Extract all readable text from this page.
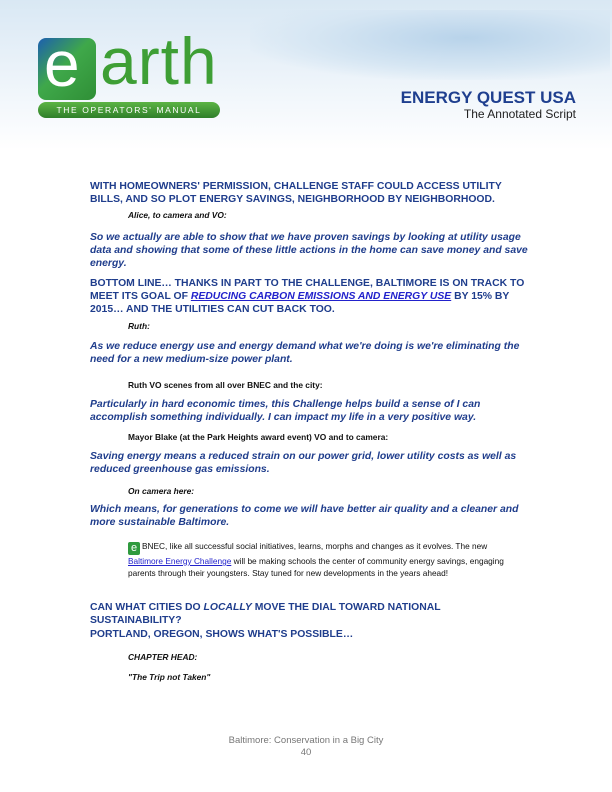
e arth
THE OPERATORS' MANUAL
ENERGY QUEST USA
The Annotated Script
WITH HOMEOWNERS' PERMISSION, CHALLENGE STAFF COULD ACCESS UTILITY BILLS, AND SO PLOT ENERGY SAVINGS, NEIGHBORHOOD BY NEIGHBORHOOD.
Alice, to camera and VO:
So we actually are able to show that we have proven savings by looking at utility usage data and showing that some of these little actions in the home can save money and save energy.
BOTTOM LINE… THANKS IN PART TO THE CHALLENGE, BALTIMORE IS ON TRACK TO MEET ITS GOAL OF REDUCING CARBON EMISSIONS AND ENERGY USE BY 15% BY 2015… AND THE UTILITIES CAN CUT BACK TOO.
Ruth:
As we reduce energy use and energy demand what we're doing is we're eliminating the need for a new medium-size power plant.
Ruth VO scenes from all over BNEC and the city:
Particularly in hard economic times, this Challenge helps build a sense of I can accomplish something individually. I can impact my life in a very positive way.
Mayor Blake (at the Park Heights award event) VO and to camera:
Saving energy means a reduced strain on our power grid, lower utility costs as well as reduced greenhouse gas emissions.
On camera here:
Which means, for generations to come we will have better air quality and a cleaner and more sustainable Baltimore.
e BNEC, like all successful social initiatives, learns, morphs and changes as it evolves. The new Baltimore Energy Challenge will be making schools the center of community energy savings, engaging parents through their youngsters. Stay tuned for new developments in the years ahead!
CAN WHAT CITIES DO LOCALLY MOVE THE DIAL TOWARD NATIONAL SUSTAINABILITY?
PORTLAND, OREGON, SHOWS WHAT'S POSSIBLE…
CHAPTER HEAD:
"The Trip not Taken"
Baltimore: Conservation in a Big City
40
